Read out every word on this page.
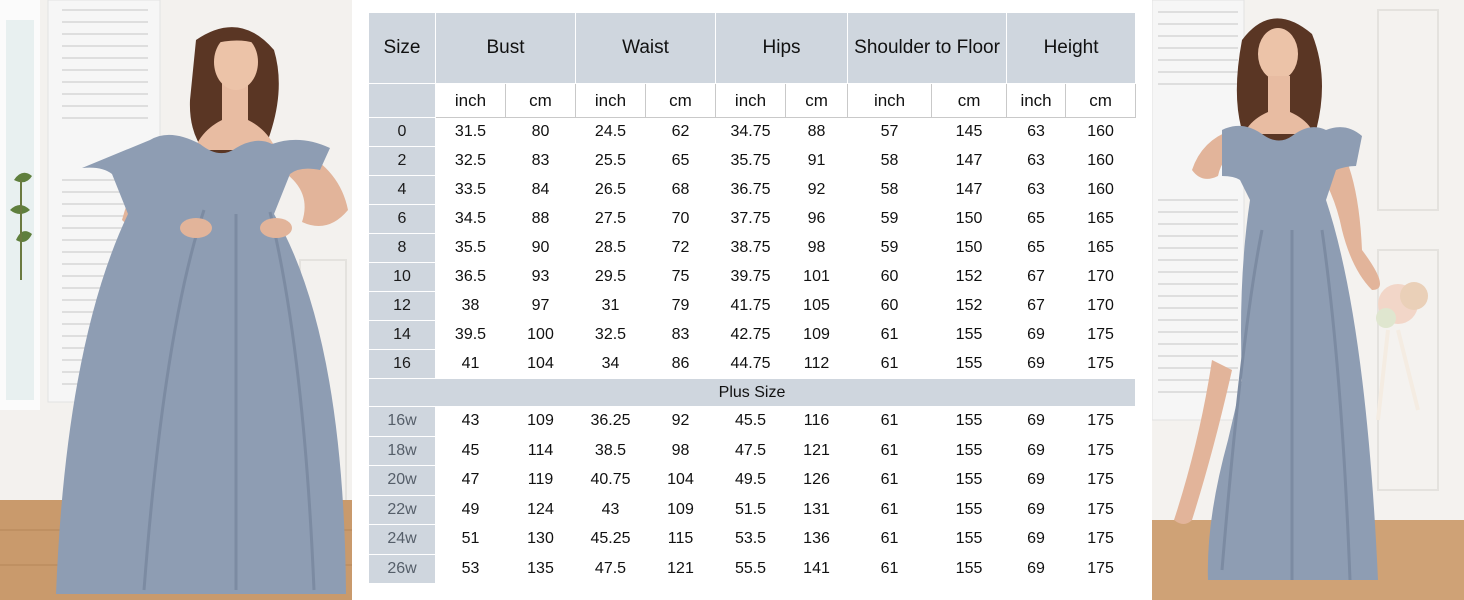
Size	Bust		Waist		Hips		Shoulder to Floor		Height	
	inch	cm	inch	cm	inch	cm	inch	cm	inch	cm
0	31.5	80	24.5	62	34.75	88	57	145	63	160
2	32.5	83	25.5	65	35.75	91	58	147	63	160
4	33.5	84	26.5	68	36.75	92	58	147	63	160
6	34.5	88	27.5	70	37.75	96	59	150	65	165
8	35.5	90	28.5	72	38.75	98	59	150	65	165
10	36.5	93	29.5	75	39.75	101	60	152	67	170
12	38	97	31	79	41.75	105	60	152	67	170
14	39.5	100	32.5	83	42.75	109	61	155	69	175
16	41	104	34	86	44.75	112	61	155	69	175
Plus Size										
16w	43	109	36.25	92	45.5	116	61	155	69	175
18w	45	114	38.5	98	47.5	121	61	155	69	175
20w	47	119	40.75	104	49.5	126	61	155	69	175
22w	49	124	43	109	51.5	131	61	155	69	175
24w	51	130	45.25	115	53.5	136	61	155	69	175
26w	53	135	47.5	121	55.5	141	61	155	69	175
